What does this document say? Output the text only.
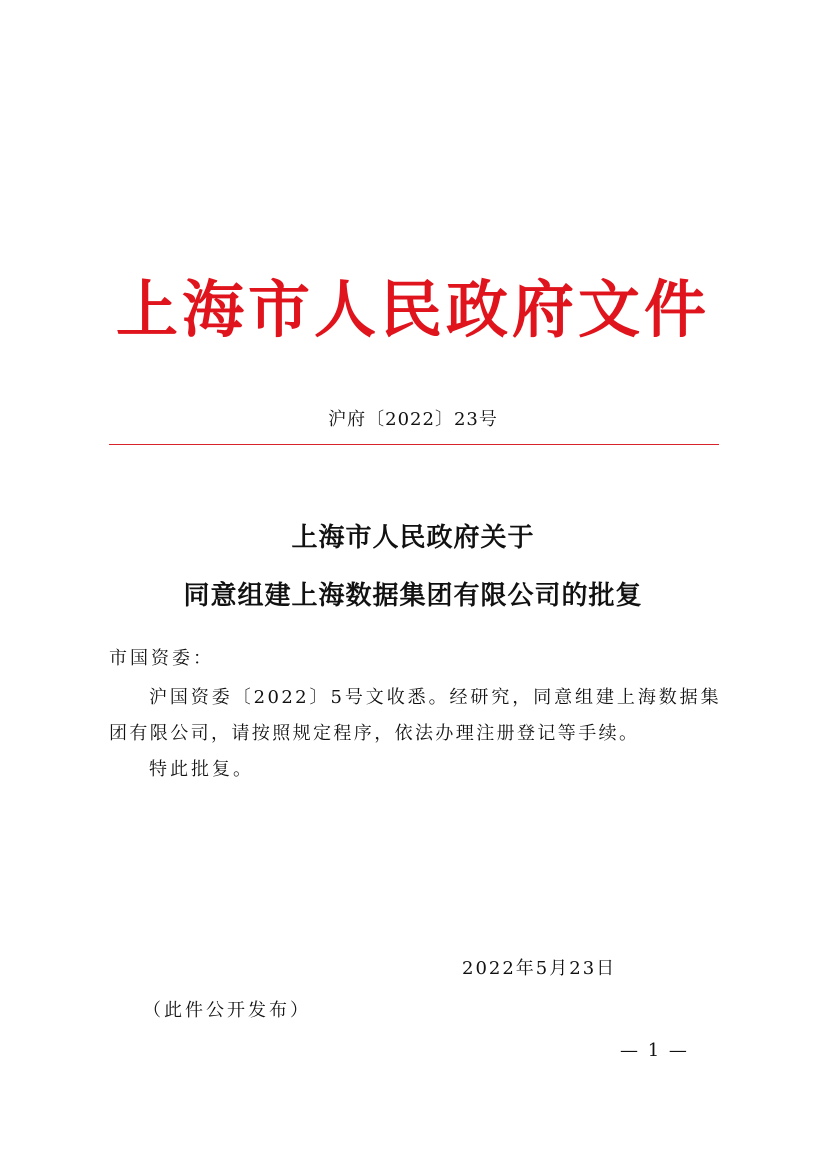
上海市人民政府文件
沪府〔2022〕23号
上海市人民政府关于
同意组建上海数据集团有限公司的批复
市国资委：
沪国资委〔2022〕5号文收悉。经研究，同意组建上海数据集团有限公司，请按照规定程序，依法办理注册登记等手续。
特此批复。
2022年5月23日
（此件公开发布）
— 1 —
